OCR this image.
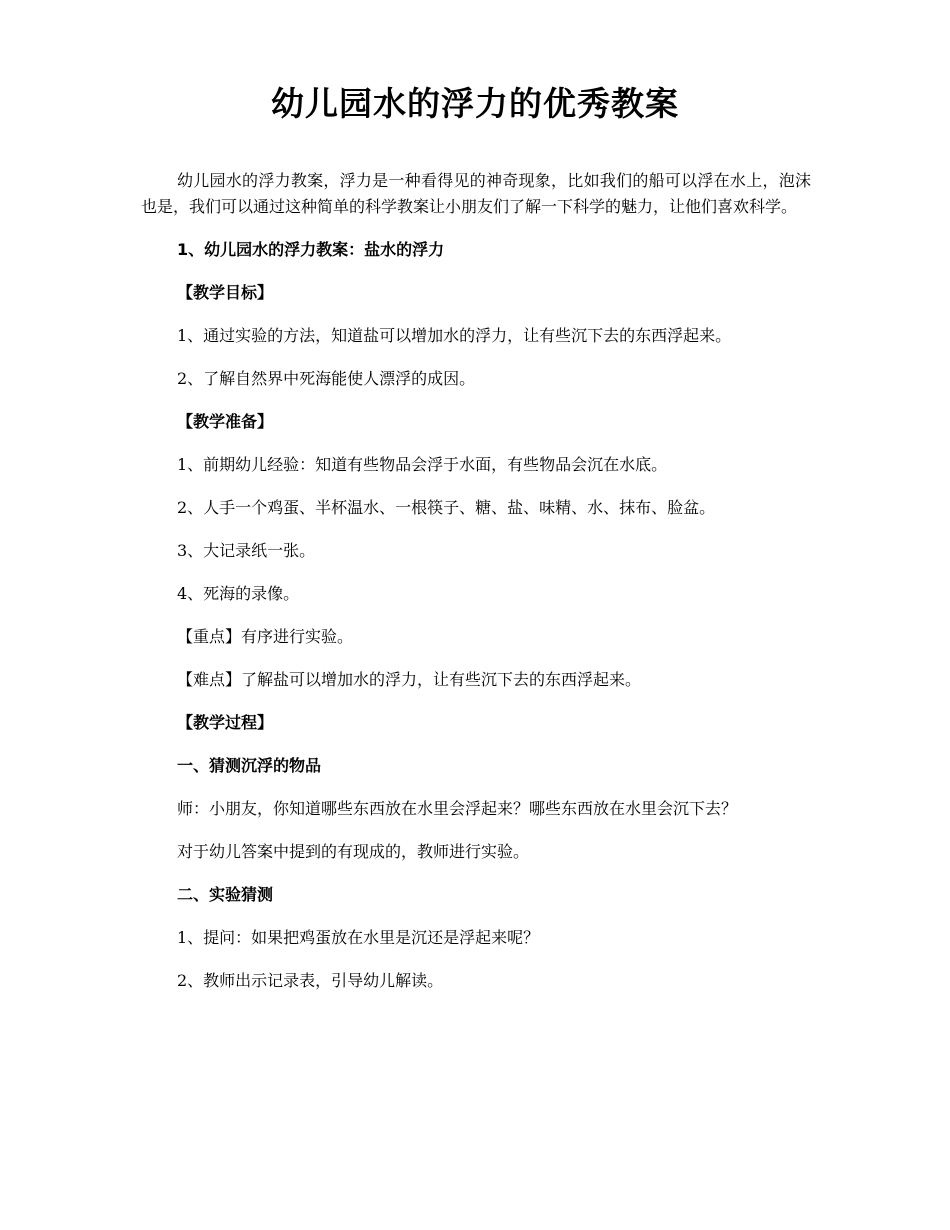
幼儿园水的浮力的优秀教案

幼儿园水的浮力教案，浮力是一种看得见的神奇现象，比如我们的船可以浮在水上，泡沫也是，我们可以通过这种简单的科学教案让小朋友们了解一下科学的魅力，让他们喜欢科学。

1、幼儿园水的浮力教案：盐水的浮力

【教学目标】

1、通过实验的方法，知道盐可以增加水的浮力，让有些沉下去的东西浮起来。

2、了解自然界中死海能使人漂浮的成因。

【教学准备】

1、前期幼儿经验：知道有些物品会浮于水面，有些物品会沉在水底。

2、人手一个鸡蛋、半杯温水、一根筷子、糖、盐、味精、水、抹布、脸盆。

3、大记录纸一张。

4、死海的录像。

【重点】有序进行实验。

【难点】了解盐可以增加水的浮力，让有些沉下去的东西浮起来。

【教学过程】

一、猜测沉浮的物品

师：小朋友，你知道哪些东西放在水里会浮起来？哪些东西放在水里会沉下去？

对于幼儿答案中提到的有现成的，教师进行实验。

二、实验猜测

1、提问：如果把鸡蛋放在水里是沉还是浮起来呢？

2、教师出示记录表，引导幼儿解读。
